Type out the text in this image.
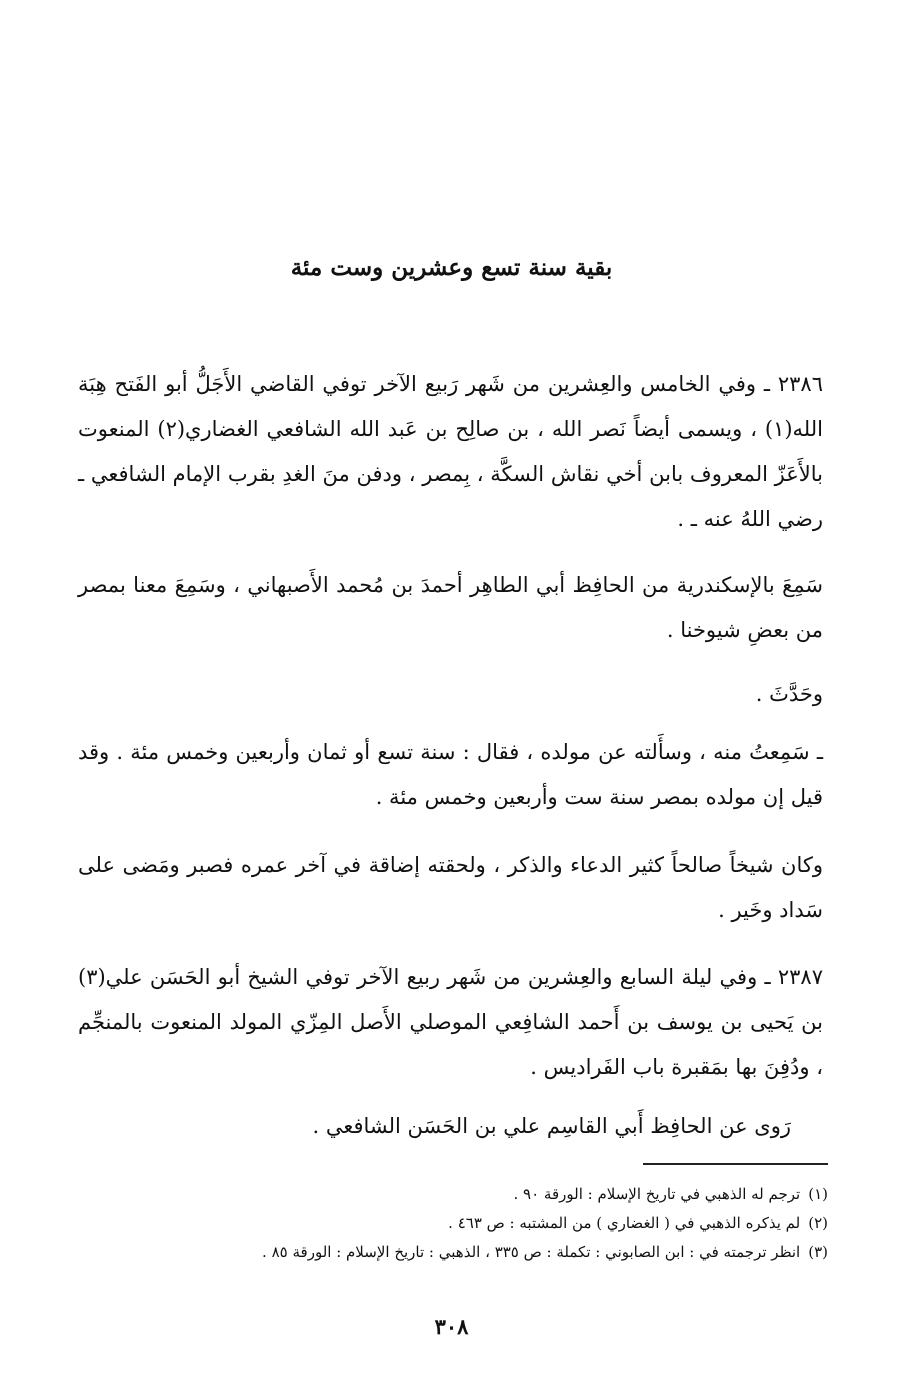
بقية سنة تسع وعشرين وست مئة

٢٣٨٦ ـ وفي الخامس والعِشرين من شَهر رَبيع الآخر توفي القاضي الأَجَلُّ أبو الفَتح هِبَة الله(١) ، ويسمى أيضاً نَصر الله ، بن صالِح بن عَبد الله الشافعي الغضاري(٢) المنعوت بالأَعَزّ المعروف بابن أخي نقاش السكَّة ، بِمصر ، ودفن منَ الغدِ بقرب الإمام الشافعي ـ رضي اللهُ عنه ـ .

سَمِعَ بالإسكندرية من الحافِظ أبي الطاهِر أحمدَ بن مُحمد الأَصبهاني ، وسَمِعَ معنا بمصر من بعضِ شيوخنا .

وحَدَّثَ .

ـ سَمِعتُ منه ، وسأَلته عن مولده ، فقال : سنة تسع أو ثمان وأربعين وخمس مئة . وقد قيل إن مولده بمصر سنة ست وأربعين وخمس مئة .

وكان شيخاً صالحاً كثير الدعاء والذكر ، ولحقته إضاقة في آخر عمره فصبر ومَضى على سَداد وخَير .

٢٣٨٧ ـ وفي ليلة السابع والعِشرين من شَهر ربيع الآخر توفي الشيخ أبو الحَسَن علي(٣) بن يَحيى بن يوسف بن أَحمد الشافِعي الموصلي الأَصل المِزّي المولد المنعوت بالمنجِّم ، ودُفِنَ بها بمَقبرة باب الفَراديس .

رَوى عن الحافِظ أَبي القاسِم علي بن الحَسَن الشافعي .

(١)ترجم له الذهبي في تاريخ الإسلام : الورقة ٩٠ .
(٢)لم يذكره الذهبي في ( الغضاري ) من المشتبه : ص ٤٦٣ .
(٣)انظر ترجمته في : ابن الصابوني : تكملة : ص ٣٣٥ ، الذهبي : تاريخ الإسلام : الورقة ٨٥ .
٣٠٨
